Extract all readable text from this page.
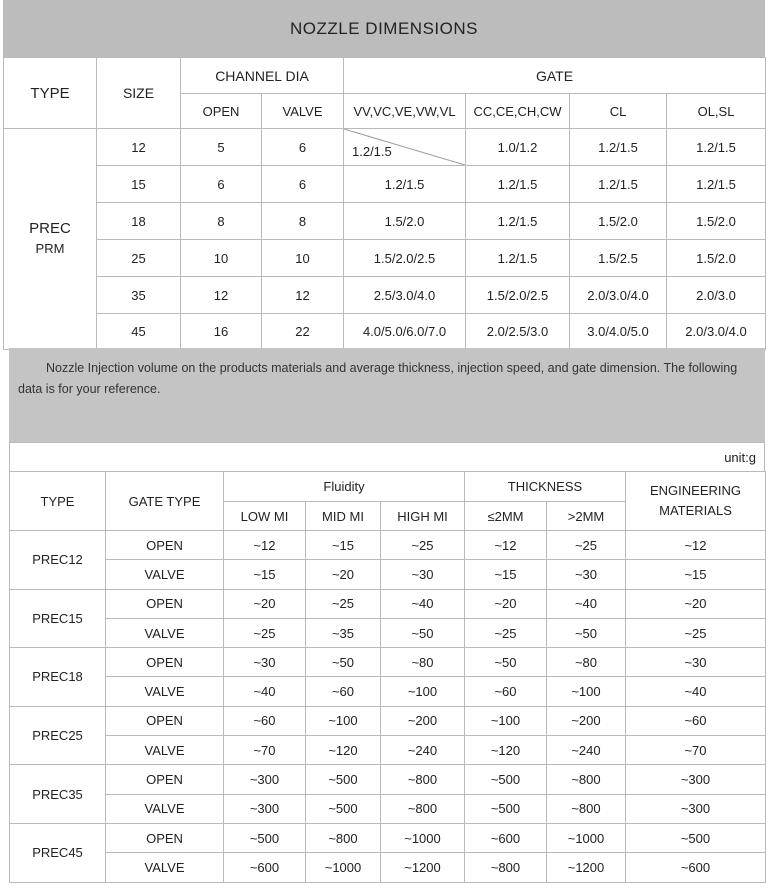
NOZZLE DIMENSIONS
TYPE	SIZE	CHANNEL DIA		GATE			
		OPEN	VALVE	VV,VC,VE,VW,VL	CC,CE,CH,CW	CL	OL,SL

PREC
PRM	12	5	6	1.2/1.5	1.0/1.2	1.2/1.5	1.2/1.5
	15	6	6	1.2/1.5	1.2/1.5	1.2/1.5	1.2/1.5
	18	8	8	1.5/2.0	1.2/1.5	1.5/2.0	1.5/2.0
	25	10	10	1.5/2.0/2.5	1.2/1.5	1.5/2.5	1.5/2.0
	35	12	12	2.5/3.0/4.0	1.5/2.0/2.5	2.0/3.0/4.0	2.0/3.0
	45	16	22	4.0/5.0/6.0/7.0	2.0/2.5/3.0	3.0/4.0/5.0	2.0/3.0/4.0
Nozzle Injection volume on the products materials and average thickness, injection speed, and gate dimension. The following
data is for your reference.
unit:g
TYPE	GATE TYPE	Fluidity			THICKNESS		ENGINEERING
MATERIALS

		LOW MI	MID MI	HIGH MI	≤2MM	>2MM	
PREC12	OPEN	~12	~15	~25	~12	~25	~12
	VALVE	~15	~20	~30	~15	~30	~15
PREC15	OPEN	~20	~25	~40	~20	~40	~20
	VALVE	~25	~35	~50	~25	~50	~25
PREC18	OPEN	~30	~50	~80	~50	~80	~30
	VALVE	~40	~60	~100	~60	~100	~40
PREC25	OPEN	~60	~100	~200	~100	~200	~60
	VALVE	~70	~120	~240	~120	~240	~70
PREC35	OPEN	~300	~500	~800	~500	~800	~300
	VALVE	~300	~500	~800	~500	~800	~300
PREC45	OPEN	~500	~800	~1000	~600	~1000	~500
	VALVE	~600	~1000	~1200	~800	~1200	~600
